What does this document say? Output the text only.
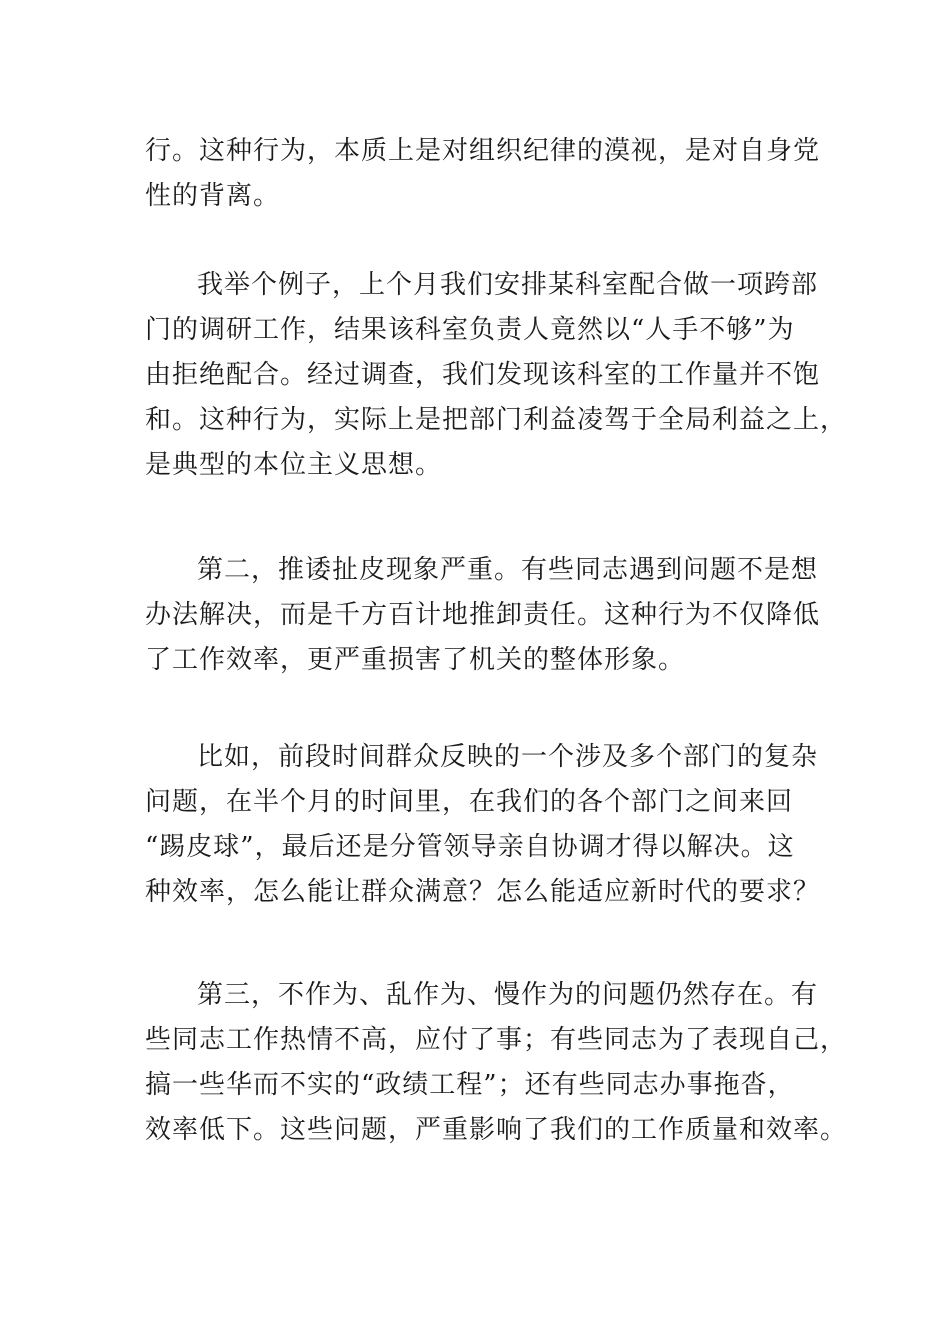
行。这种行为，本质上是对组织纪律的漠视，是对自身党
性的背离。
我举个例子，上个月我们安排某科室配合做一项跨部
门的调研工作，结果该科室负责人竟然以“人手不够”为
由拒绝配合。经过调查，我们发现该科室的工作量并不饱
和。这种行为，实际上是把部门利益凌驾于全局利益之上，
是典型的本位主义思想。
第二，推诿扯皮现象严重。有些同志遇到问题不是想
办法解决，而是千方百计地推卸责任。这种行为不仅降低
了工作效率，更严重损害了机关的整体形象。
比如，前段时间群众反映的一个涉及多个部门的复杂
问题，在半个月的时间里，在我们的各个部门之间来回
“踢皮球”，最后还是分管领导亲自协调才得以解决。这
种效率，怎么能让群众满意？怎么能适应新时代的要求？
第三，不作为、乱作为、慢作为的问题仍然存在。有
些同志工作热情不高，应付了事；有些同志为了表现自己，
搞一些华而不实的“政绩工程”；还有些同志办事拖沓，
效率低下。这些问题，严重影响了我们的工作质量和效率。
